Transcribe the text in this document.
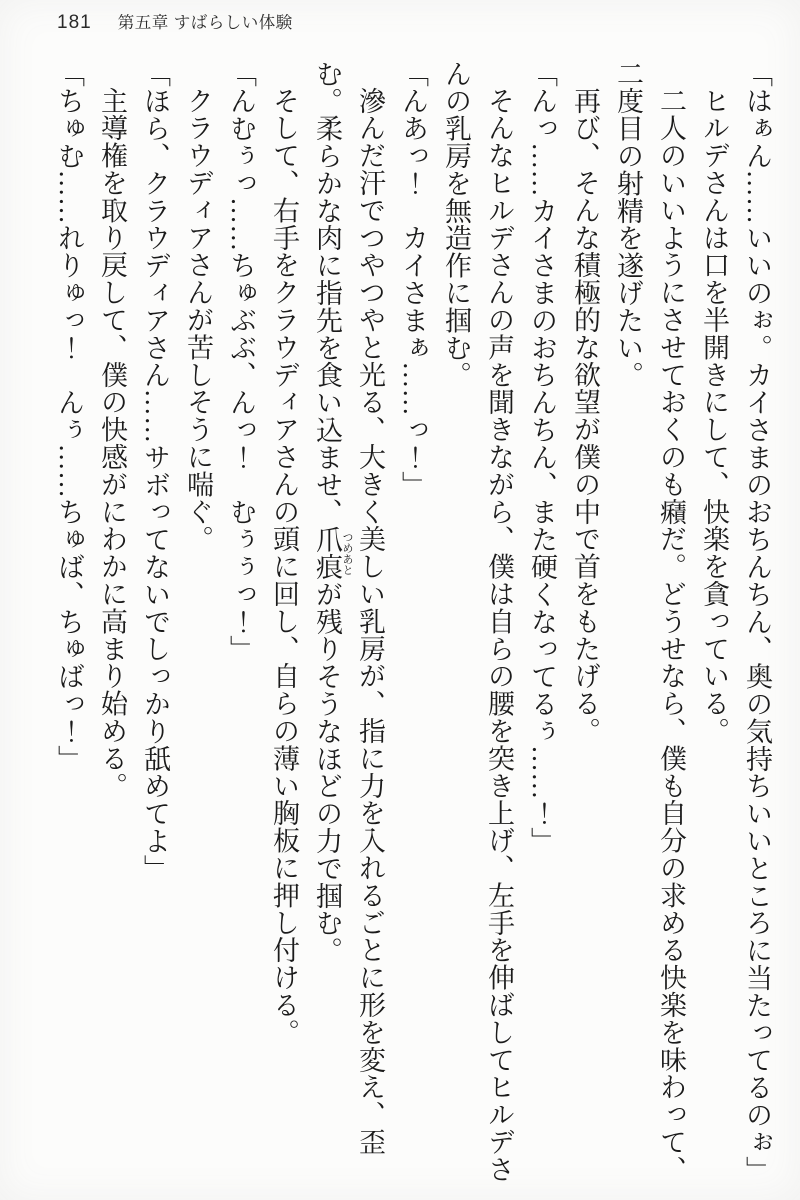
181 第五章 すばらしい体験

「はぁん……いいのぉ。カイさまのおちんちん、奥の気持ちいいところに当たってるのぉ」

ヒルデさんは口を半開きにして、快楽を貪っている。

二人のいいようにさせておくのも癪だ。どうせなら、僕も自分の求める快楽を味わって、二度目の射精を遂げたい。

再び、そんな積極的な欲望が僕の中で首をもたげる。

「んっ……カイさまのおちんちん、また硬くなってるぅ……！」

そんなヒルデさんの声を聞きながら、僕は自らの腰を突き上げ、左手を伸ばしてヒルデさんの乳房を無造作に掴む。

「んあっ！　カイさまぁ……っ！」

滲んだ汗でつやつやと光る、大きく美しい乳房が、指に力を入れるごとに形を変え、歪む。柔らかな肉に指先を食い込ませ、爪痕 つめあとが残りそうなほどの力で掴む。

そして、右手をクラウディアさんの頭に回し、自らの薄い胸板に押し付ける。

「んむぅっ……ちゅぶぶ、んっ！　むぅぅっ！」

クラウディアさんが苦しそうに喘ぐ。

「ほら、クラウディアさん……サボってないでしっかり舐めてよ」

主導権を取り戻して、僕の快感がにわかに高まり始める。

「ちゅむ……れりゅっ！　んぅ……ちゅば、ちゅばっ！」
